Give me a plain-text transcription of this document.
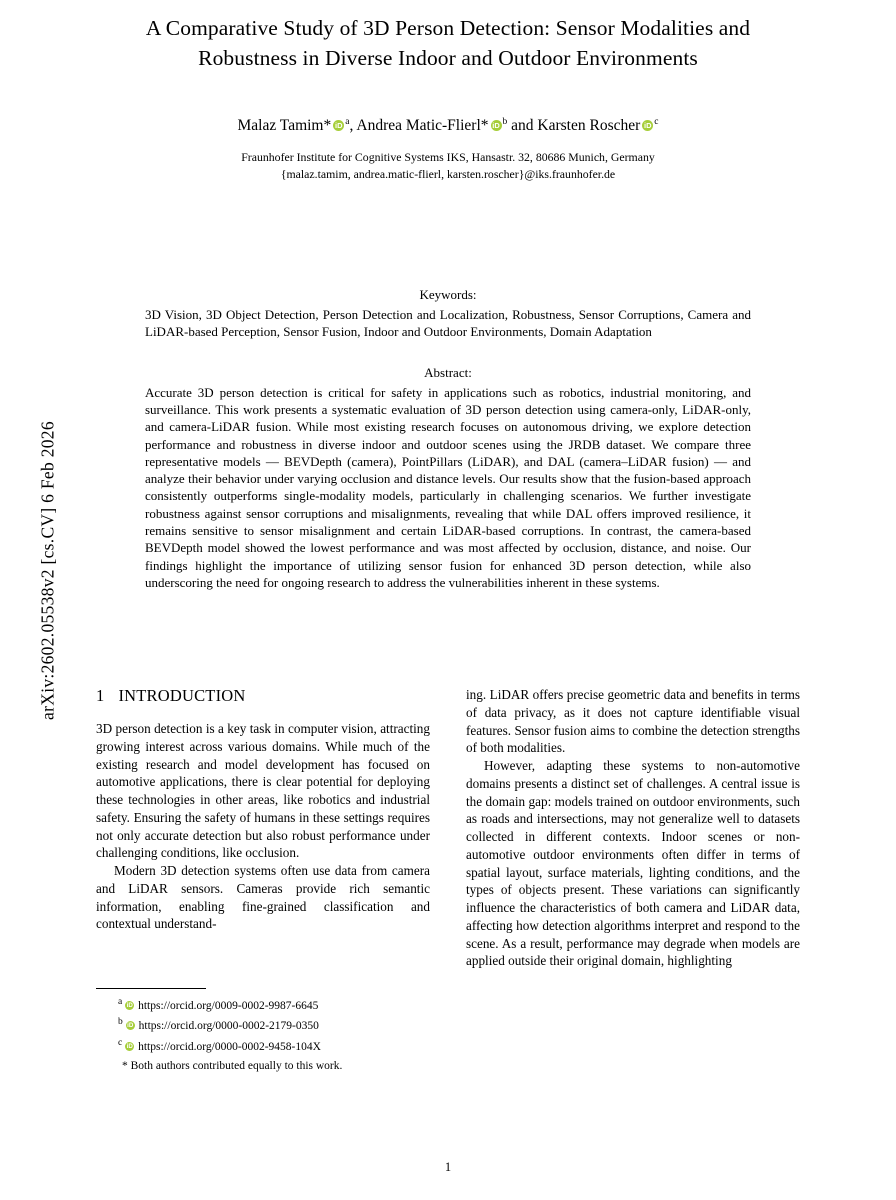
arXiv:2602.05538v2 [cs.CV] 6 Feb 2026
A Comparative Study of 3D Person Detection: Sensor Modalities and
Robustness in Diverse Indoor and Outdoor Environments
Malaz Tamim* iD $^a$, Andrea Matic-Flierl* iD $^b$ and Karsten Roscher iD $^c$
Fraunhofer Institute for Cognitive Systems IKS, Hansastr. 32, 80686 Munich, Germany
{malaz.tamim, andrea.matic-flierl, karsten.roscher}@iks.fraunhofer.de
Keywords:
3D Vision, 3D Object Detection, Person Detection and Localization, Robustness, Sensor Corruptions, Camera and LiDAR-based Perception, Sensor Fusion, Indoor and Outdoor Environments, Domain Adaptation
Abstract:
Accurate 3D person detection is critical for safety in applications such as robotics, industrial monitoring, and surveillance. This work presents a systematic evaluation of 3D person detection using camera-only, LiDAR-only, and camera-LiDAR fusion. While most existing research focuses on autonomous driving, we explore detection performance and robustness in diverse indoor and outdoor scenes using the JRDB dataset. We compare three representative models — BEVDepth (camera), PointPillars (LiDAR), and DAL (camera–LiDAR fusion) — and analyze their behavior under varying occlusion and distance levels. Our results show that the fusion-based approach consistently outperforms single-modality models, particularly in challenging scenarios. We further investigate robustness against sensor corruptions and misalignments, revealing that while DAL offers improved resilience, it remains sensitive to sensor misalignment and certain LiDAR-based corruptions. In contrast, the camera-based BEVDepth model showed the lowest performance and was most affected by occlusion, distance, and noise. Our findings highlight the importance of utilizing sensor fusion for enhanced 3D person detection, while also underscoring the need for ongoing research to address the vulnerabilities inherent in these systems.
1 INTRODUCTION

3D person detection is a key task in computer vision, attracting growing interest across various domains. While much of the existing research and model development has focused on automotive applications, there is clear potential for deploying these technologies in other areas, like robotics and industrial safety. Ensuring the safety of humans in these settings requires not only accurate detection but also robust performance under challenging conditions, like occlusion.

Modern 3D detection systems often use data from camera and LiDAR sensors. Cameras provide rich semantic information, enabling fine-grained classification and contextual understand-

ing. LiDAR offers precise geometric data and benefits in terms of data privacy, as it does not capture identifiable visual features. Sensor fusion aims to combine the detection strengths of both modalities.

However, adapting these systems to non-automotive domains presents a distinct set of challenges. A central issue is the domain gap: models trained on outdoor environments, such as roads and intersections, may not generalize well to datasets collected in different contexts. Indoor scenes or non-automotive outdoor environments often differ in terms of spatial layout, surface materials, lighting conditions, and the types of objects present. These variations can significantly influence the characteristics of both camera and LiDAR data, affecting how detection algorithms interpret and respond to the scene. As a result, performance may degrade when models are applied outside their original domain, highlighting

$^a$ iD https://orcid.org/0009-0002-9987-6645
$^b$ iD https://orcid.org/0000-0002-2179-0350
$^c$ iD https://orcid.org/0000-0002-9458-104X
* Both authors contributed equally to this work.
1
